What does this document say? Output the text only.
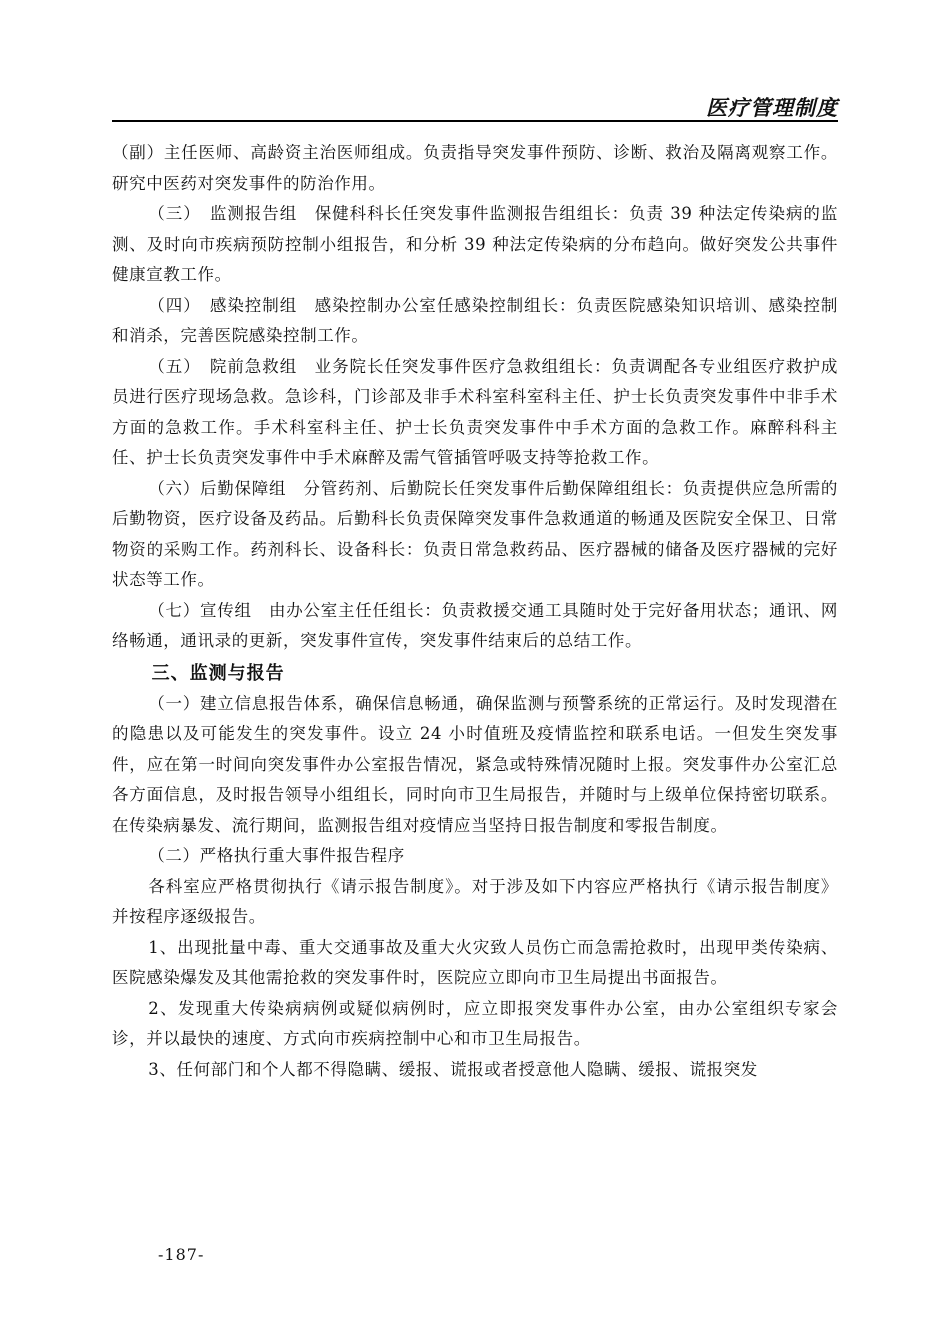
医疗管理制度

（副）主任医师、高龄资主治医师组成。负责指导突发事件预防、诊断、救治及隔离观察工作。研究中医药对突发事件的防治作用。

（三）　监测报告组　保健科科长任突发事件监测报告组组长：负责 39 种法定传染病的监测、及时向市疾病预防控制小组报告，和分析 39 种法定传染病的分布趋向。做好突发公共事件健康宣教工作。

（四）　感染控制组　感染控制办公室任感染控制组长：负责医院感染知识培训、感染控制和消杀，完善医院感染控制工作。

（五）　院前急救组　业务院长任突发事件医疗急救组组长：负责调配各专业组医疗救护成员进行医疗现场急救。急诊科，门诊部及非手术科室科室科主任、护士长负责突发事件中非手术方面的急救工作。手术科室科主任、护士长负责突发事件中手术方面的急救工作。麻醉科科主任、护士长负责突发事件中手术麻醉及需气管插管呼吸支持等抢救工作。

（六）后勤保障组　分管药剂、后勤院长任突发事件后勤保障组组长：负责提供应急所需的后勤物资，医疗设备及药品。后勤科长负责保障突发事件急救通道的畅通及医院安全保卫、日常物资的采购工作。药剂科长、设备科长：负责日常急救药品、医疗器械的储备及医疗器械的完好状态等工作。

（七）宣传组　由办公室主任任组长：负责救援交通工具随时处于完好备用状态；通讯、网络畅通，通讯录的更新，突发事件宣传，突发事件结束后的总结工作。

三、监测与报告

（一）建立信息报告体系，确保信息畅通，确保监测与预警系统的正常运行。及时发现潜在的隐患以及可能发生的突发事件。设立 24 小时值班及疫情监控和联系电话。一但发生突发事件，应在第一时间向突发事件办公室报告情况，紧急或特殊情况随时上报。突发事件办公室汇总各方面信息，及时报告领导小组组长，同时向市卫生局报告，并随时与上级单位保持密切联系。在传染病暴发、流行期间，监测报告组对疫情应当坚持日报告制度和零报告制度。

（二）严格执行重大事件报告程序

各科室应严格贯彻执行《请示报告制度》。对于涉及如下内容应严格执行《请示报告制度》并按程序逐级报告。

1、出现批量中毒、重大交通事故及重大火灾致人员伤亡而急需抢救时，出现甲类传染病、医院感染爆发及其他需抢救的突发事件时，医院应立即向市卫生局提出书面报告。

2、发现重大传染病病例或疑似病例时，应立即报突发事件办公室，由办公室组织专家会诊，并以最快的速度、方式向市疾病控制中心和市卫生局报告。

3、任何部门和个人都不得隐瞒、缓报、谎报或者授意他人隐瞒、缓报、谎报突发

-187-
